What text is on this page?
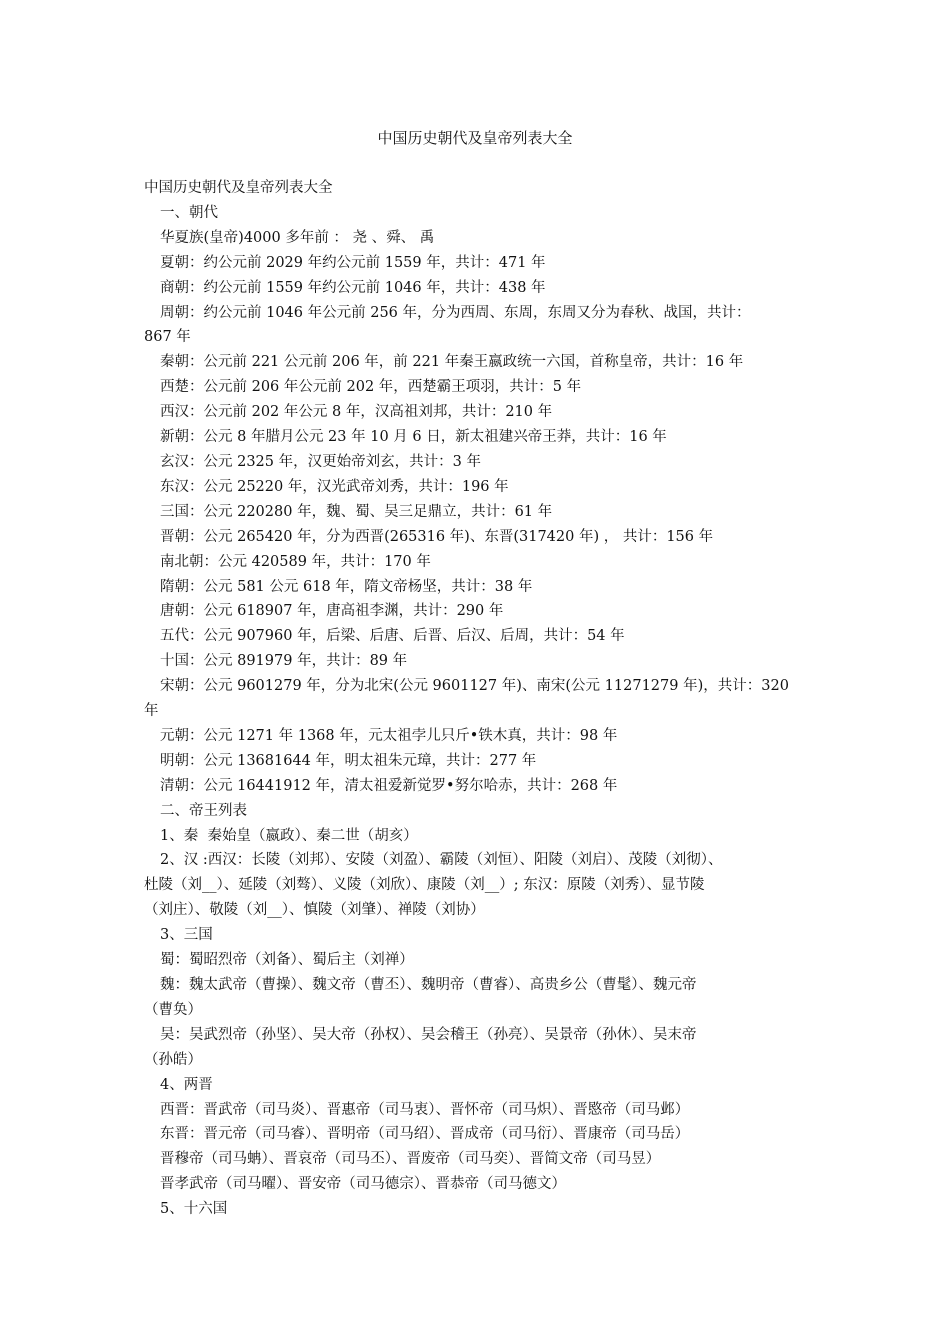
中国历史朝代及皇帝列表大全
中国历史朝代及皇帝列表大全
一、朝代
华夏族(皇帝)4000 多年前 ： 尧 、舜、 禹
夏朝：约公元前 2029 年约公元前 1559 年，共计：471 年
商朝：约公元前 1559 年约公元前 1046 年，共计：438 年
周朝：约公元前 1046 年公元前 256 年，分为西周、东周，东周又分为春秋、战国，共计：
867 年
秦朝：公元前 221 公元前 206 年，前 221 年秦王嬴政统一六国，首称皇帝，共计：16 年
西楚：公元前 206 年公元前 202 年，西楚霸王项羽，共计：5 年
西汉：公元前 202 年公元 8 年，汉高祖刘邦，共计：210 年
新朝：公元 8 年腊月公元 23 年 10 月 6 日，新太祖建兴帝王莽，共计：16 年
玄汉：公元 2325 年，汉更始帝刘玄，共计：3 年
东汉：公元 25220 年，汉光武帝刘秀，共计：196 年
三国：公元 220280 年，魏、蜀、吴三足鼎立，共计：61 年
晋朝：公元 265420 年，分为西晋(265316 年)、东晋(317420 年) ， 共计：156 年
南北朝：公元 420589 年，共计：170 年
隋朝：公元 581 公元 618 年，隋文帝杨坚，共计：38 年
唐朝：公元 618907 年，唐高祖李渊，共计：290 年
五代：公元 907960 年，后梁、后唐、后晋、后汉、后周，共计：54 年
十国：公元 891979 年，共计：89 年
宋朝：公元 9601279 年，分为北宋(公元 9601127 年)、南宋(公元 11271279 年)，共计：320
年
元朝：公元 1271 年 1368 年，元太祖孛儿只斤•铁木真，共计：98 年
明朝：公元 13681644 年，明太祖朱元璋，共计：277 年
清朝：公元 16441912 年，清太祖爱新觉罗•努尔哈赤，共计：268 年
二、帝王列表
1、秦  秦始皇（嬴政）、秦二世（胡亥）
2、汉 :西汉：长陵（刘邦）、安陵（刘盈）、霸陵（刘恒）、阳陵（刘启）、茂陵（刘彻）、
杜陵（刘__）、延陵（刘骜）、义陵（刘欣）、康陵（刘__）; 东汉：原陵（刘秀）、显节陵
（刘庄）、敬陵（刘__）、慎陵（刘肇）、禅陵（刘协）
3、三国
蜀：蜀昭烈帝（刘备）、蜀后主（刘禅）
魏：魏太武帝（曹操）、魏文帝（曹丕）、魏明帝（曹睿）、高贵乡公（曹髦）、魏元帝
（曹奂）
吴：吴武烈帝（孙坚）、吴大帝（孙权）、吴会稽王（孙亮）、吴景帝（孙休）、吴末帝
（孙皓）
4、两晋
西晋：晋武帝（司马炎）、晋惠帝（司马衷）、晋怀帝（司马炽）、晋愍帝（司马邺）
东晋：晋元帝（司马睿）、晋明帝（司马绍）、晋成帝（司马衍）、晋康帝（司马岳）
晋穆帝（司马蚺）、晋哀帝（司马丕）、晋废帝（司马奕）、晋简文帝（司马昱）
晋孝武帝（司马曜）、晋安帝（司马德宗）、晋恭帝（司马德文）
5、十六国
